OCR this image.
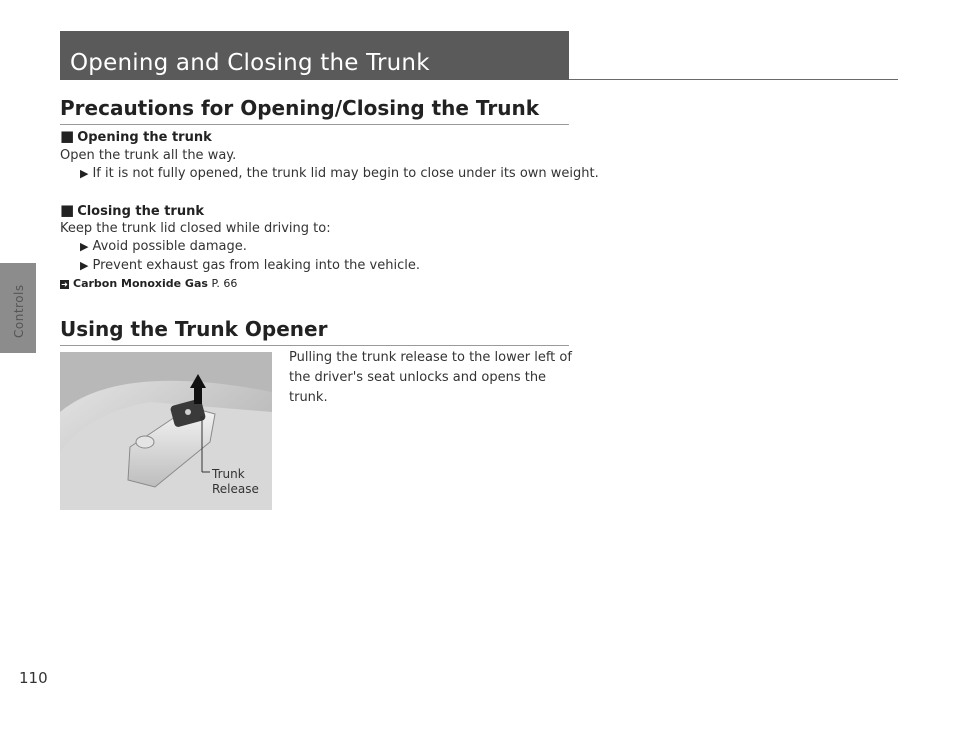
Controls
Opening and Closing the Trunk
Precautions for Opening/Closing the Trunk
■ Opening the trunk
Open the trunk all the way.
▶ If it is not fully opened, the trunk lid may begin to close under its own weight.
■ Closing the trunk
Keep the trunk lid closed while driving to:
▶ Avoid possible damage.
▶ Prevent exhaust gas from leaking into the vehicle.
➜ Carbon Monoxide Gas P. 66
Using the Trunk Opener
Trunk
Release
Pulling the trunk release to the lower left of the driver's seat unlocks and opens the trunk.
110
